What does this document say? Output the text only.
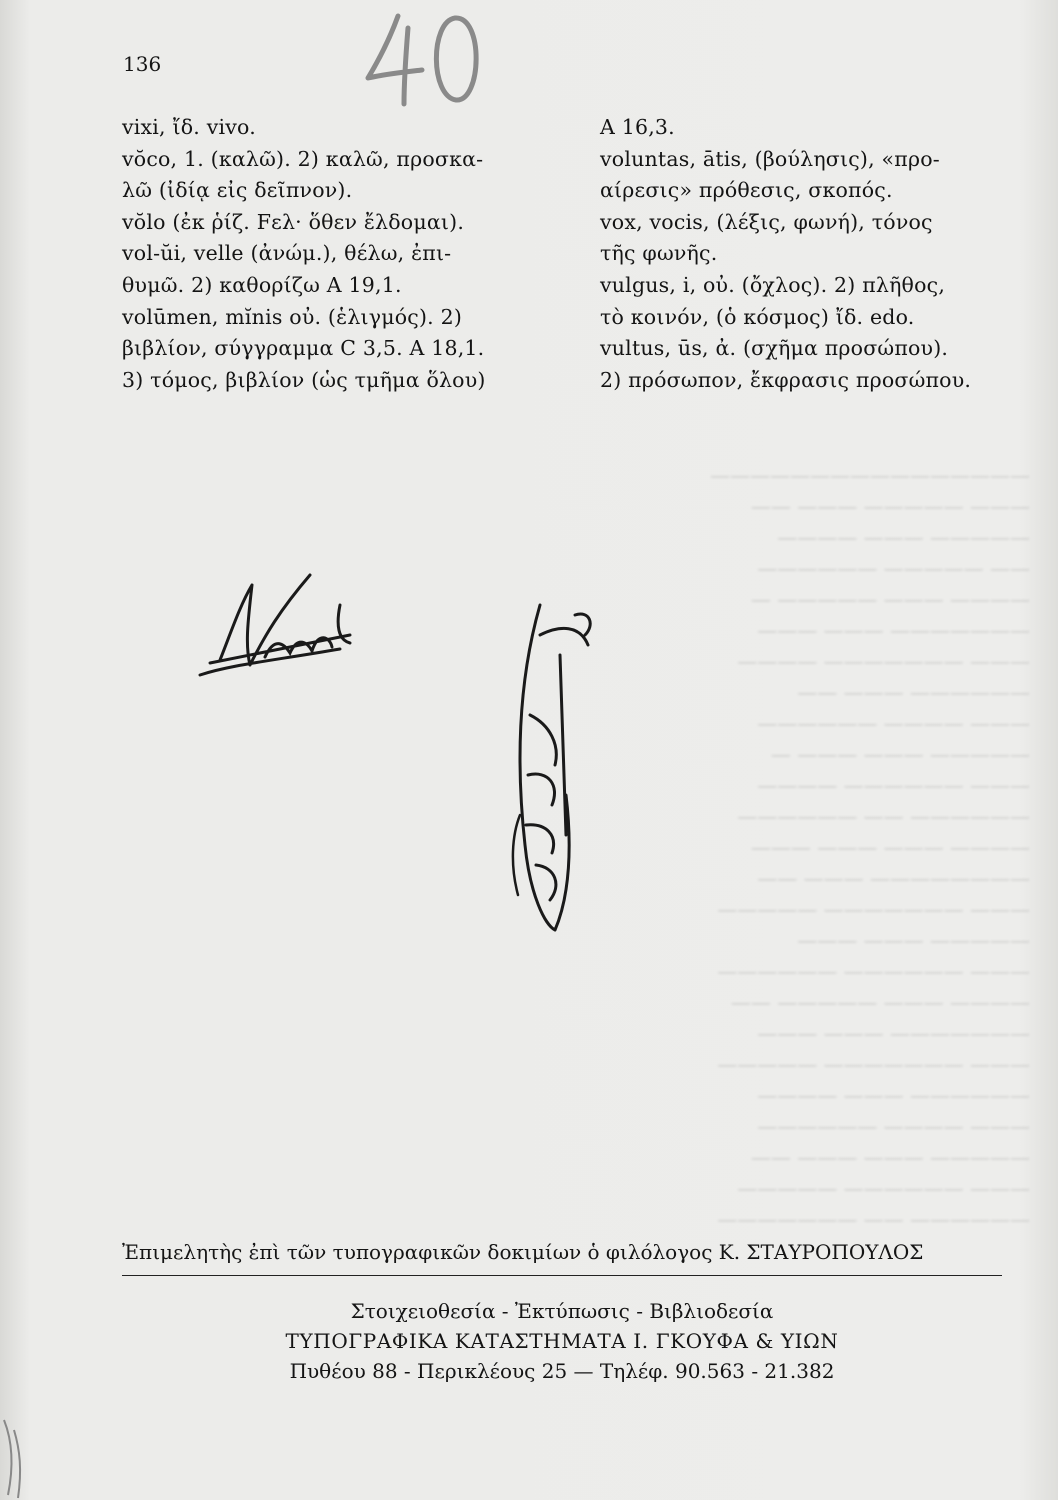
————————————————
——— ————— ——— ——
————— ——— ————
—— ————— ——————
———— ——— ————— —
——————— ——— ———
——— ——————— ————
—————— ——— ——
——— ———— ——————
————— ——— ——— —
——— —————— ————
—————— —— ——————
———— ——— ——— ———
———————— ——— ——
——— ——————— —————
————— ——— ———
——— —————— ——————
———— ——— ————— ——
——————— ——— ———
——— ——————— —————
—————— ——— ————
——— ———— ——————
————— ——— ——— ——
——— —————— —————
—————— —— ———————
136
vixi, ἴδ. vivo.
vŏco, 1. (καλῶ). 2) καλῶ, προσκα-
λῶ (ἰδίᾳ εἰς δεῖπνον).
vŏlo (ἐκ ῥίζ. Fελ· ὅθεν ἔλδομαι).
vol-ŭi, velle (ἀνώμ.), θέλω, ἐπι-
θυμῶ. 2) καθορίζω A 19,1.
volūmen, mĭnis οὐ. (ἑλιγμός). 2)
βιβλίον, σύγγραμμα C 3,5. A 18,1.
3) τόμος, βιβλίον (ὡς τμῆμα ὅλου)
A 16,3.
voluntas, ātis, (βούλησις), «προ-
αίρεσις» πρόθεσις, σκοπός.
vox, vocis, (λέξις, φωνή), τόνος
τῆς φωνῆς.
vulgus, i, οὐ. (ὄχλος). 2) πλῆθος,
τὸ κοινόν, (ὁ κόσμος) ἴδ. edo.
vultus, ūs, ἀ. (σχῆμα προσώπου).
2) πρόσωπον, ἔκφρασις προσώπου.
Ἐπιμελητὴς ἐπὶ τῶν τυπογραφικῶν δοκιμίων ὁ φιλόλογος Κ. ΣΤΑΥΡΟΠΟΥΛΟΣ
Στοιχειοθεσία - Ἐκτύπωσις - Βιβλιοδεσία
ΤΥΠΟΓΡΑΦΙΚΑ ΚΑΤΑΣΤΗΜΑΤΑ Ι. ΓΚΟΥΦΑ & ΥΙΩΝ
Πυθέου 88 - Περικλέους 25 — Τηλέφ. 90.563 - 21.382
